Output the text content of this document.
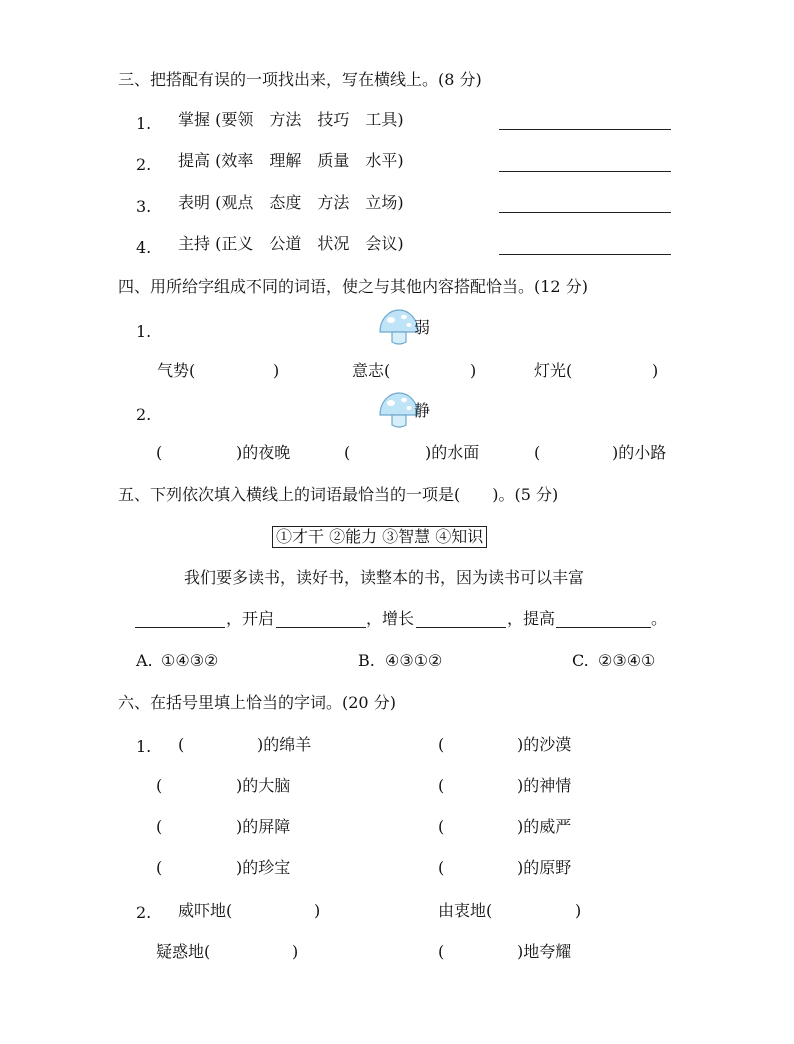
三、把搭配有误的一项找出来，写在横线上。(8 分)
1. 掌握 (要领　方法　技巧　工具)
2. 提高 (效率　理解　质量　水平)
3. 表明 (观点　态度　方法　立场)
4. 主持 (正义　公道　状况　会议)
四、用所给字组成不同的词语，使之与其他内容搭配恰当。(12 分)
1.	弱
气势(	)	意志(	)	灯光(	)
2.	静
(	)的夜晚	(	)的水面	(	)的小路
五、下列依次填入横线上的词语最恰当的一项是(　　)。(5 分)
①才干 ②能力 ③智慧 ④知识
我们要多读书，读好书，读整本的书，因为读书可以丰富
，开启	，增长	，提高	。
A. ①④③②	B. ④③①②	C. ②③④①
六、在括号里填上恰当的字词。(20 分)
1. (	)的绵羊	(	)的沙漠
(	)的大脑	(	)的神情
(	)的屏障	(	)的威严
(	)的珍宝	(	)的原野
2. 威吓地(	)	由衷地(	)
疑惑地(	)	(	)地夸耀
